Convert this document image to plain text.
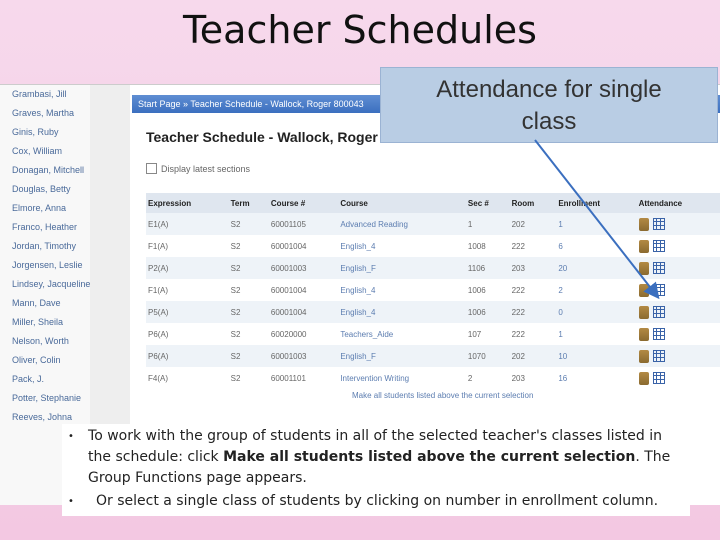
Teacher Schedules
Grambasi, Jill
Graves, Martha
Ginis, Ruby
Cox, William
Donagan, Mitchell
Douglas, Betty
Elmore, Anna
Franco, Heather
Jordan, Timothy
Jorgensen, Leslie
Lindsey, Jacqueline
Mann, Dave
Miller, Sheila
Nelson, Worth
Oliver, Colin
Pack, J.
Potter, Stephanie
Reeves, Johna
Start Page » Teacher Schedule - Wallock, Roger 800043
Teacher Schedule - Wallock, Roger
Display latest sections
Expression	Term	Course #	Course	Sec #	Room	Enrollment	Attendance
E1(A)	S2	60001105	Advanced Reading	1	202	1	

F1(A)	S2	60001004	English_4	1008	222	6	

P2(A)	S2	60001003	English_F	1106	203	20	

F1(A)	S2	60001004	English_4	1006	222	2	

P5(A)	S2	60001004	English_4	1006	222	0	

P6(A)	S2	60020000	Teachers_Aide	107	222	1	

P6(A)	S2	60001003	English_F	1070	202	10	

F4(A)	S2	60001101	Intervention Writing	2	203	16	
Make all students listed above the current selection
Attendance for single
class
• To work with the group of students in all of the selected teacher's classes listed in the schedule: click Make all students listed above the current selection. The Group Functions page appears.
•	Or select a single class of students by clicking on number in enrollment column.
